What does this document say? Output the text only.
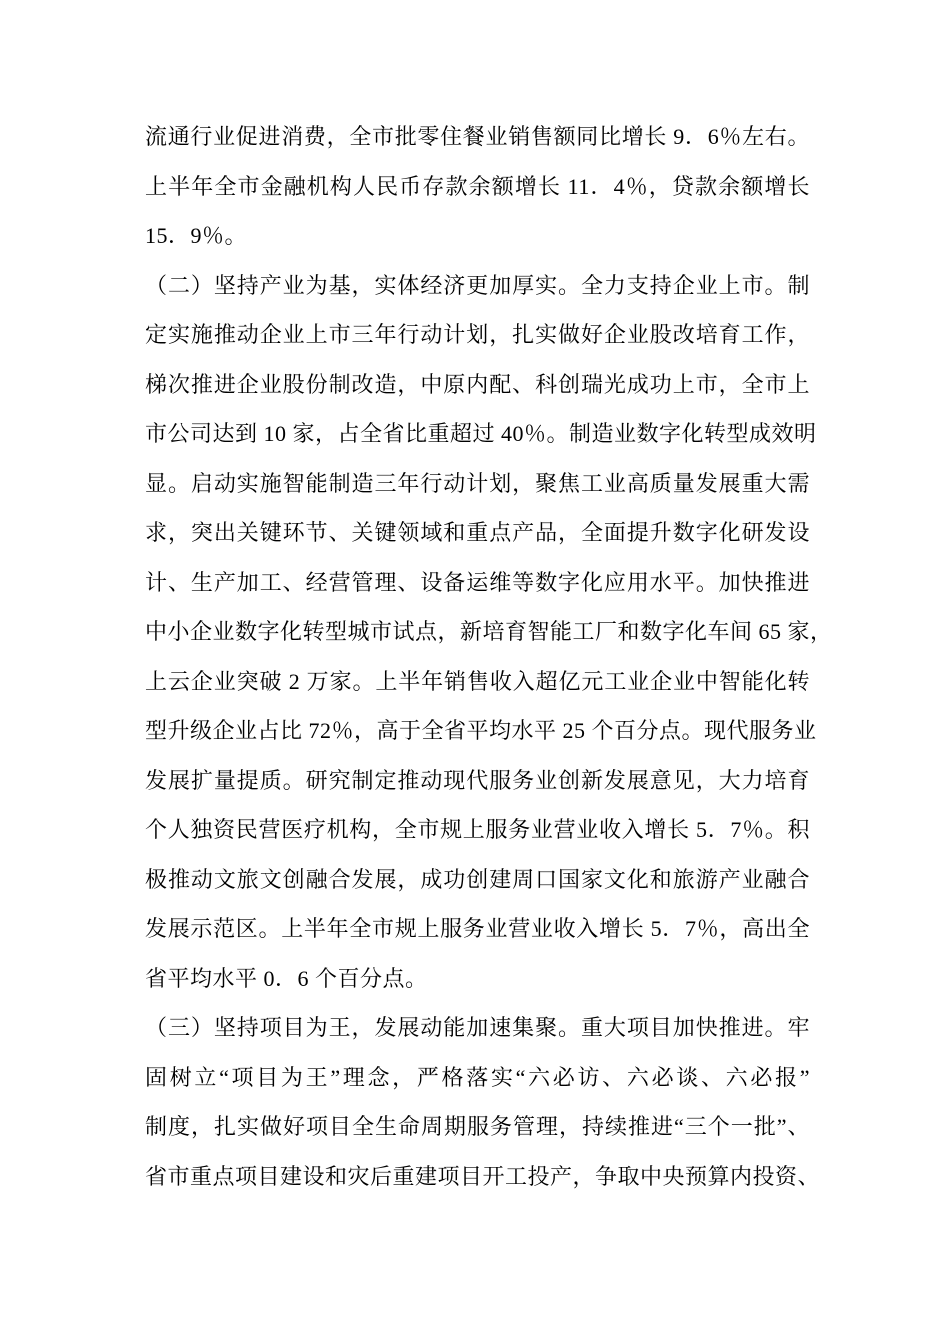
流通行业促进消费，全市批零住餐业销售额同比增长 9．6％左右。
上半年全市金融机构人民币存款余额增长 11．4％，贷款余额增长
15．9％。
（二）坚持产业为基，实体经济更加厚实。全力支持企业上市。制
定实施推动企业上市三年行动计划，扎实做好企业股改培育工作，
梯次推进企业股份制改造，中原内配、科创瑞光成功上市，全市上
市公司达到 10 家，占全省比重超过 40％。制造业数字化转型成效明
显。启动实施智能制造三年行动计划，聚焦工业高质量发展重大需
求，突出关键环节、关键领域和重点产品，全面提升数字化研发设
计、生产加工、经营管理、设备运维等数字化应用水平。加快推进
中小企业数字化转型城市试点，新培育智能工厂和数字化车间 65 家，
上云企业突破 2 万家。上半年销售收入超亿元工业企业中智能化转
型升级企业占比 72％，高于全省平均水平 25 个百分点。现代服务业
发展扩量提质。研究制定推动现代服务业创新发展意见，大力培育
个人独资民营医疗机构，全市规上服务业营业收入增长 5．7％。积
极推动文旅文创融合发展，成功创建周口国家文化和旅游产业融合
发展示范区。上半年全市规上服务业营业收入增长 5．7％，高出全
省平均水平 0．6 个百分点。
（三）坚持项目为王，发展动能加速集聚。重大项目加快推进。牢
固树立“项目为王”理念，严格落实“六必访、六必谈、六必报”
制度，扎实做好项目全生命周期服务管理，持续推进“三个一批”、
省市重点项目建设和灾后重建项目开工投产，争取中央预算内投资、
